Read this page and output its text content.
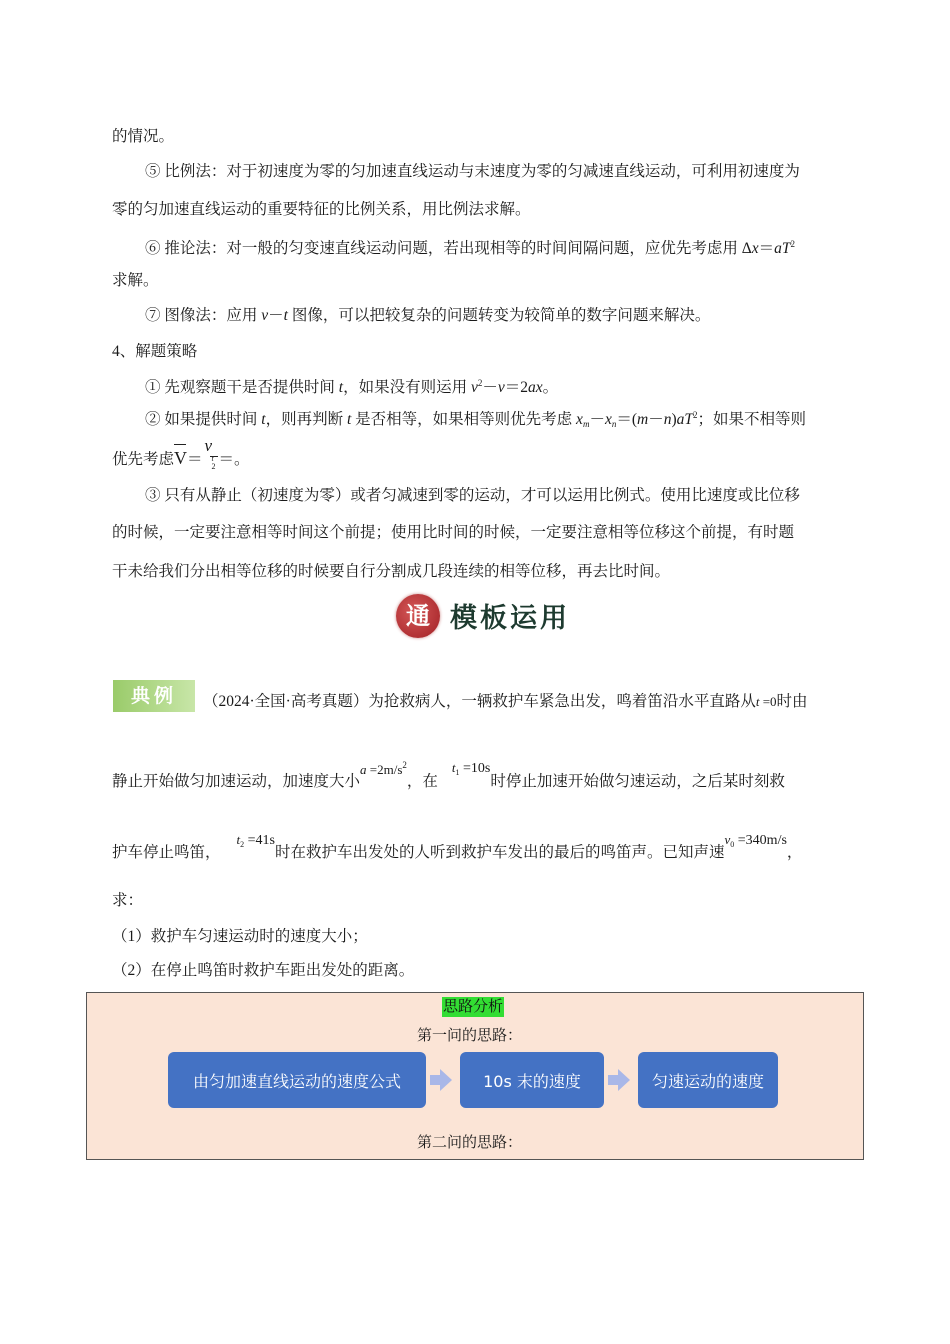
的情况。
⑤ 比例法：对于初速度为零的匀加速直线运动与末速度为零的匀减速直线运动，可利用初速度为
零的匀加速直线运动的重要特征的比例关系，用比例法求解。
⑥ 推论法：对一般的匀变速直线运动问题，若出现相等的时间间隔问题，应优先考虑用 $\Delta x=aT^2$
求解。
⑦ 图像法：应用 v－t 图像，可以把较复杂的问题转变为较简单的数字问题来解决。
4、解题策略
① 先观察题干是否提供时间 t，如果没有则运用 $v^2-v=2ax$。
② 如果提供时间 t，则再判断 t 是否相等，如果相等则优先考虑 $x_m-x_n=(m-n)aT^2$；如果不相等则
优先考虑
V＝
v
t
2 ＝。
③ 只有从静止（初速度为零）或者匀减速到零的运动，才可以运用比例式。使用比速度或比位移
的时候，一定要注意相等时间这个前提；使用比时间的时候，一定要注意相等位移这个前提，有时题
干未给我们分出相等位移的时候要自行分割成几段连续的相等位移，再去比时间。
通 模板运用
典例	（2024·全国·高考真题）为抢救病人，一辆救护车紧急出发，鸣着笛沿水平直路从t =0时由
静止开始做匀加速运动，加速度大小$a =2m/s^2$，在$t_1 =10s$时停止加速开始做匀速运动，之后某时刻救
护车停止鸣笛，$t_2 =41s$时在救护车出发处的人听到救护车发出的最后的鸣笛声。已知声速$v_0 =340m/s$，
求：
（1）救护车匀速运动时的速度大小；
（2）在停止鸣笛时救护车距出发处的距离。
思路分析
第一问的思路：
由匀加速直线运动的速度公式	10s 末的速度	匀速运动的速度
第二问的思路：
